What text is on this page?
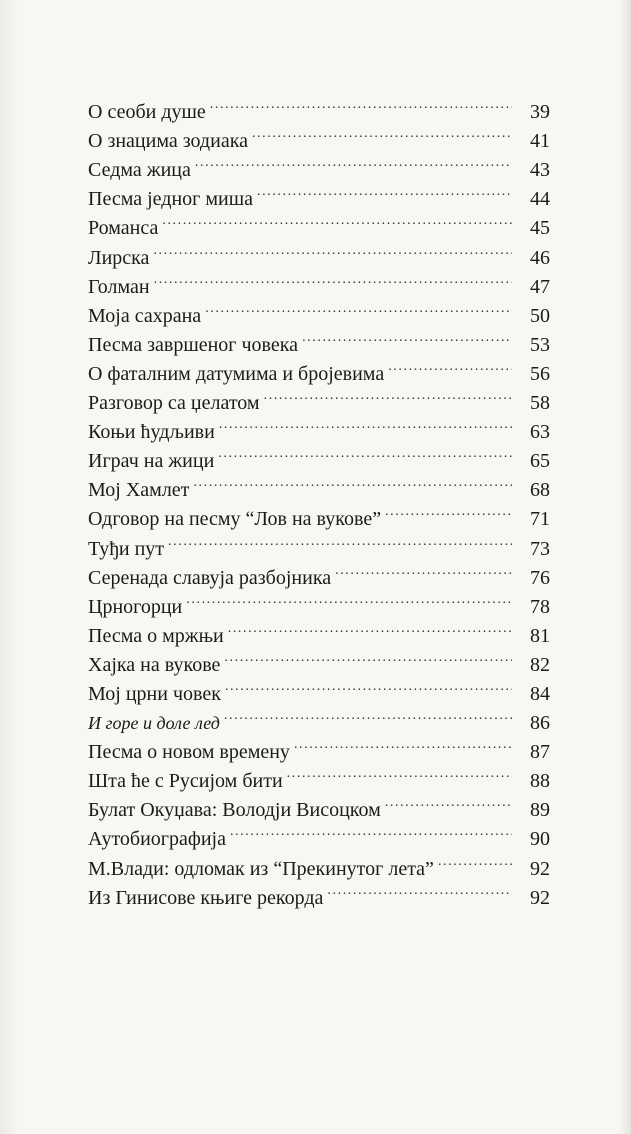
О сеоби душе .....	39
О знацима зодиака .....	41
Седма жица .....	43
Песма једног миша .....	44
Романса .....	45
Лирска .....	46
Голман .....	47
Моја сахрана .....	50
Песма завршеног човека .....	53
О фаталним датумима и бројевима .....	56
Разговор са џелатом .....	58
Коњи ћудљиви .....	63
Играч на жици .....	65
Мој Хамлет .....	68
Одговор на песму “Лов на вукове” .....	71
Туђи пут .....	73
Серенада славуја разбојника .....	76
Црногорци .....	78
Песма о мржњи .....	81
Хајка на вукове .....	82
Мој црни човек .....	84
И горе и доле лед .....	86
Песма о новом времену .....	87
Шта ће с Русијом бити .....	88
Булат Окуџава: Володји Висоцком .....	89
Аутобиографија .....	90
М.Влади: одломак из “Прекинутог лета” .....	92
Из Гинисове књиге рекорда .....	92
